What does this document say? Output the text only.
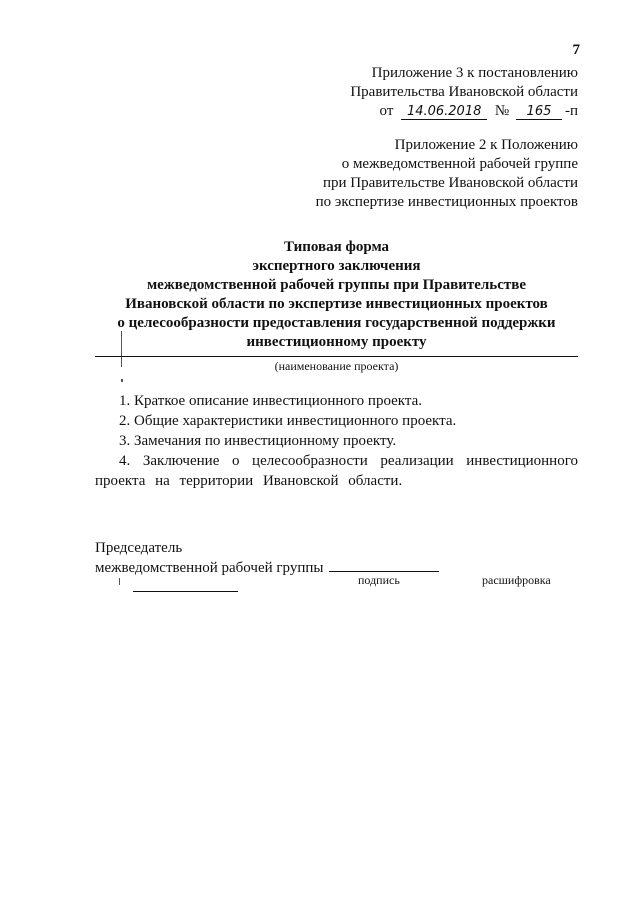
7
Приложение 3 к постановлению
Правительства Ивановской области
от 14.06.2018 № 165 -п
Приложение 2 к Положению
о межведомственной рабочей группе
при Правительстве Ивановской области
по экспертизе инвестиционных проектов
Типовая форма
экспертного заключения
межведомственной рабочей группы при Правительстве
Ивановской области по экспертизе инвестиционных проектов
о целесообразности предоставления государственной поддержки
инвестиционному проекту
(наименование проекта)

1. Краткое описание инвестиционного проекта.

2. Общие характеристики инвестиционного проекта.

3. Замечания по инвестиционному проекту.

4. Заключение о целесообразности реализации инвестиционного проекта на территории Ивановской области.

Председатель
межведомственной рабочей группы
подпись	расшифровка
